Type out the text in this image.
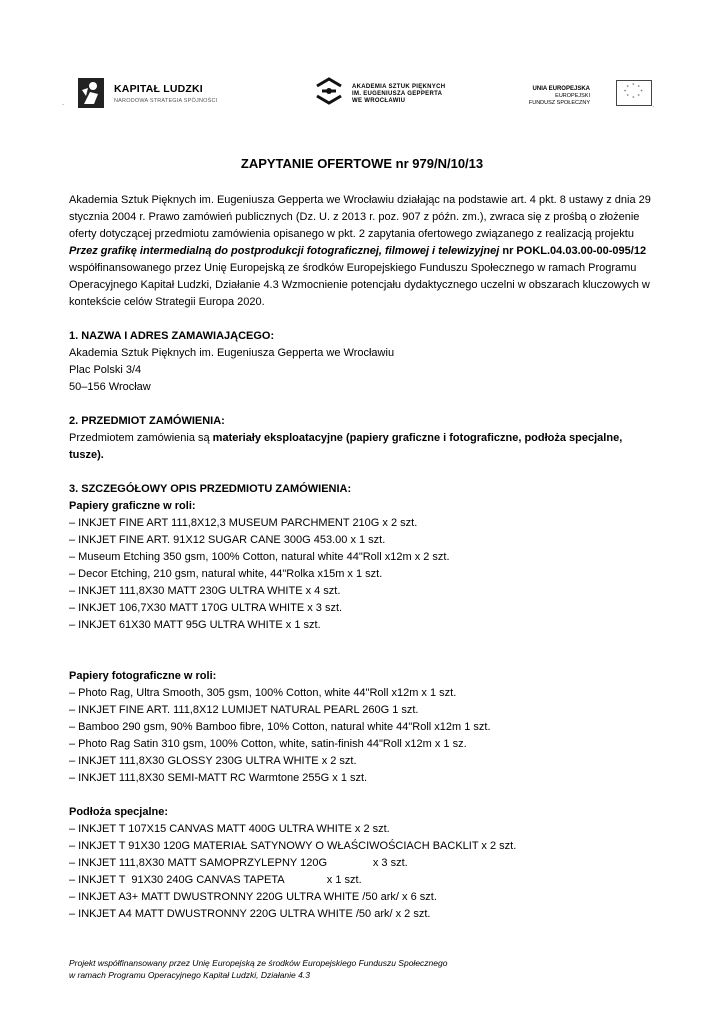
.
KAPITAŁ LUDZKI
NARODOWA STRATEGIA SPÓJNOŚCI
AKADEMIA SZTUK PIĘKNYCH
IM. EUGENIUSZA GEPPERTA
WE WROCŁAWIU
UNIA EUROPEJSKA
EUROPEJSKI
FUNDUSZ SPOŁECZNY
* *
*
*
*
*
*
*
.
ZAPYTANIE OFERTOWE nr 979/N/10/13

Akademia Sztuk Pięknych im. Eugeniusza Gepperta we Wrocławiu działając na podstawie art. 4 pkt. 8 ustawy z dnia 29 stycznia 2004 r. Prawo zamówień publicznych (Dz. U. z 2013 r. poz. 907 z późn. zm.), zwraca się z prośbą o złożenie oferty dotyczącej przedmiotu zamówienia opisanego w pkt. 2 zapytania ofertowego związanego z realizacją projektu Przez grafikę intermedialną do postprodukcji fotograficznej, filmowej i telewizyjnej nr POKL.04.03.00-00-095/12 współfinansowanego przez Unię Europejską ze środków Europejskiego Funduszu Społecznego w ramach Programu Operacyjnego Kapitał Ludzki, Działanie 4.3 Wzmocnienie potencjału dydaktycznego uczelni w obszarach kluczowych w kontekście celów Strategii Europa 2020.

1. NAZWA I ADRES ZAMAWIAJĄCEGO:

Akademia Sztuk Pięknych im. Eugeniusza Gepperta we Wrocławiu

Plac Polski 3/4

50–156 Wrocław

2. PRZEDMIOT ZAMÓWIENIA:

Przedmiotem zamówienia są materiały eksploatacyjne (papiery graficzne i fotograficzne, podłoża specjalne, tusze).

3. SZCZEGÓŁOWY OPIS PRZEDMIOTU ZAMÓWIENIA:

Papiery graficzne w roli:

– INKJET FINE ART 111,8X12,3 MUSEUM PARCHMENT 210G x 2 szt.

– INKJET FINE ART. 91X12 SUGAR CANE 300G 453.00 x 1 szt.

– Museum Etching 350 gsm, 100% Cotton, natural white 44"Roll x12m x 2 szt.

– Decor Etching, 210 gsm, natural white, 44"Rolka x15m x 1 szt.

– INKJET 111,8X30 MATT 230G ULTRA WHITE x 4 szt.

– INKJET 106,7X30 MATT 170G ULTRA WHITE x 3 szt.

– INKJET 61X30 MATT 95G ULTRA WHITE x 1 szt.

Papiery fotograficzne w roli:

– Photo Rag, Ultra Smooth, 305 gsm, 100% Cotton, white 44"Roll x12m x 1 szt.

– INKJET FINE ART. 111,8X12 LUMIJET NATURAL PEARL 260G 1 szt.

– Bamboo 290 gsm, 90% Bamboo fibre, 10% Cotton, natural white 44"Roll x12m 1 szt.

– Photo Rag Satin 310 gsm, 100% Cotton, white, satin-finish 44"Roll x12m x 1 sz.

– INKJET 111,8X30 GLOSSY 230G ULTRA WHITE x 2 szt.

– INKJET 111,8X30 SEMI-MATT RC Warmtone 255G x 1 szt.

Podłoża specjalne:

– INKJET T 107X15 CANVAS MATT 400G ULTRA WHITE x 2 szt.

– INKJET T 91X30 120G MATERIAŁ SATYNOWY O WŁAŚCIWOŚCIACH BACKLIT x 2 szt.

– INKJET 111,8X30 MATT SAMOPRZYLEPNY 120G               x 3 szt.

– INKJET T  91X30 240G CANVAS TAPETA              x 1 szt.

– INKJET A3+ MATT DWUSTRONNY 220G ULTRA WHITE /50 ark/ x 6 szt.

– INKJET A4 MATT DWUSTRONNY 220G ULTRA WHITE /50 ark/ x 2 szt.

Projekt współfinansowany przez Unię Europejską ze środków Europejskiego Funduszu Społecznego
w ramach Programu Operacyjnego Kapitał Ludzki, Działanie 4.3
